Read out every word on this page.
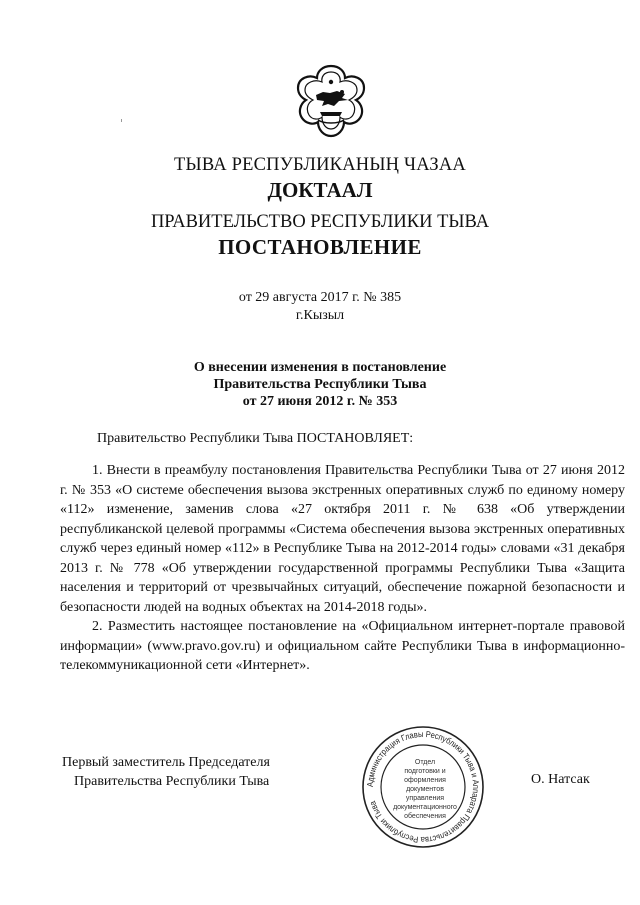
ТЫВА РЕСПУБЛИКАНЫҢ ЧАЗАА
ДОКТААЛ
ПРАВИТЕЛЬСТВО РЕСПУБЛИКИ ТЫВА
ПОСТАНОВЛЕНИЕ
от 29 августа 2017 г. № 385
г.Кызыл
О внесении изменения в постановление
Правительства Республики Тыва
от 27 июня 2012 г. № 353
Правительство Республики Тыва ПОСТАНОВЛЯЕТ:

1. Внести в преамбулу постановления Правительства Республики Тыва от 27 июня 2012 г. № 353 «О системе обеспечения вызова экстренных оперативных служб по единому номеру «112» изменение, заменив слова «27 октября 2011 г. № 638 «Об утверждении республиканской целевой программы «Система обеспечения вызова экстренных оперативных служб через единый номер «112» в Республике Тыва на 2012-2014 годы» словами «31 декабря 2013 г. № 778 «Об утверждении государственной программы Республики Тыва «Защита населения и территорий от чрезвычайных ситуаций, обеспечение пожарной безопасности и безопасности людей на водных объектах на 2014-2018 годы».

2. Разместить настоящее постановление на «Официальном интернет-портале правовой информации» (www.pravo.gov.ru) и официальном сайте Республики Тыва в информационно-телекоммуникационной сети «Интернет».

Первый заместитель Председателя
Правительства Республики Тыва	Администрация Главы Республики Тыва и Аппарата Правительства Республики Тыва
Отдел
подготовки и
оформления документов
управления
документационного
обеспечения
О. Натсак
